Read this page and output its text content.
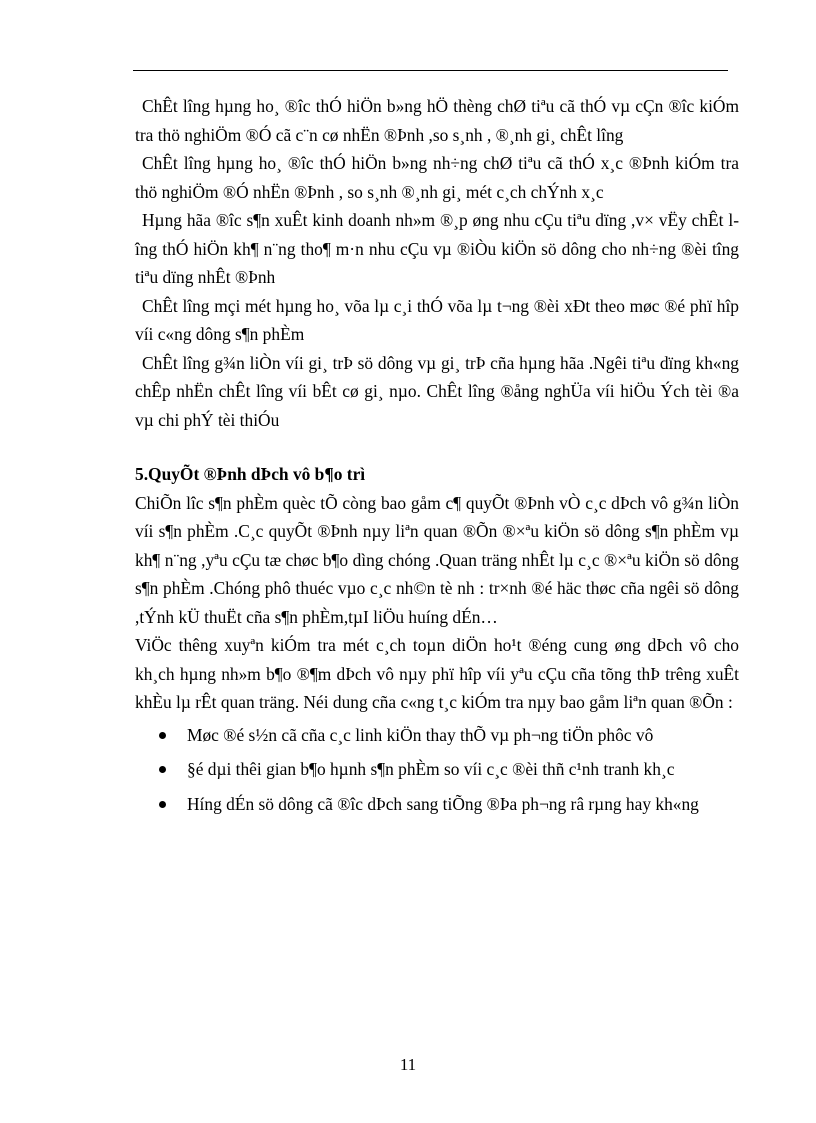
ChÊt lîng hµng ho¸ ®îc thÓ hiÖn b»ng hÖ thèng chØ tiªu cã thÓ vµ cÇn ®îc kiÓm tra thö nghiÖm ®Ó cã c¨n cø nhËn ®Þnh ,so s¸nh , ®¸nh gi¸ chÊt lîng

ChÊt lîng hµng ho¸ ®îc thÓ hiÖn b»ng nh÷ng chØ tiªu cã thÓ x¸c ®Þnh kiÓm tra thö nghiÖm ®Ó nhËn ®Þnh , so s¸nh ®¸nh gi¸ mét c¸ch chÝnh x¸c

Hµng hãa ®îc s¶n xuÊt kinh doanh nh»m ®¸p øng nhu cÇu tiªu dïng ,v× vËy chÊt lîng thÓ hiÖn kh¶ n¨ng tho¶ m·n nhu cÇu vµ ®iÒu kiÖn sö dông cho nh÷ng ®èi tîng tiªu dïng nhÊt ®Þnh

ChÊt lîng mçi mét hµng ho¸ võa lµ c¸i thÓ võa lµ t¬ng ®èi xÐt theo møc ®é phï hîp víi c«ng dông s¶n phÈm

ChÊt lîng g¾n liÒn víi gi¸ trÞ sö dông vµ gi¸ trÞ cña hµng hãa .Ngêi tiªu dïng kh«ng chÊp nhËn chÊt lîng víi bÊt cø gi¸ nµo. ChÊt lîng ®ång nghÜa víi hiÖu Ých tèi ®a vµ chi phÝ tèi thiÓu

5.QuyÕt ®Þnh dÞch vô b¶o trì

ChiÕn lîc s¶n phÈm quèc tÕ còng bao gåm c¶ quyÕt ®Þnh vÒ c¸c dÞch vô g¾n liÒn víi s¶n phÈm .C¸c quyÕt ®Þnh nµy liªn quan ®Õn ®×ªu kiÖn sö dông s¶n phÈm vµ kh¶ n¨ng ,yªu cÇu tæ chøc b¶o dìng chóng .Quan träng nhÊt lµ c¸c ®×ªu kiÖn sö dông s¶n phÈm .Chóng phô thuéc vµo c¸c nh©n tè nh : tr×nh ®é häc thøc cña ngêi sö dông ,tÝnh kÜ thuËt cña s¶n phÈm,tµI liÖu huíng dÉn…

ViÖc thêng xuyªn kiÓm tra mét c¸ch toµn diÖn ho¹t ®éng cung øng dÞch vô cho kh¸ch hµng nh»m b¶o ®¶m dÞch vô nµy phï hîp víi yªu cÇu cña tõng thÞ trêng xuÊt khÈu lµ rÊt quan träng. Néi dung cña c«ng t¸c kiÓm tra nµy bao gåm liªn quan ®Õn :

Møc ®é s½n cã cña c¸c linh kiÖn thay thÕ vµ ph¬ng tiÖn phôc vô
§é dµi thêi gian b¶o hµnh s¶n phÈm so víi c¸c ®èi thñ c¹nh tranh kh¸c
Híng dÉn sö dông cã ®îc dÞch sang tiÕng ®Þa ph¬ng râ rµng hay kh«ng
11
